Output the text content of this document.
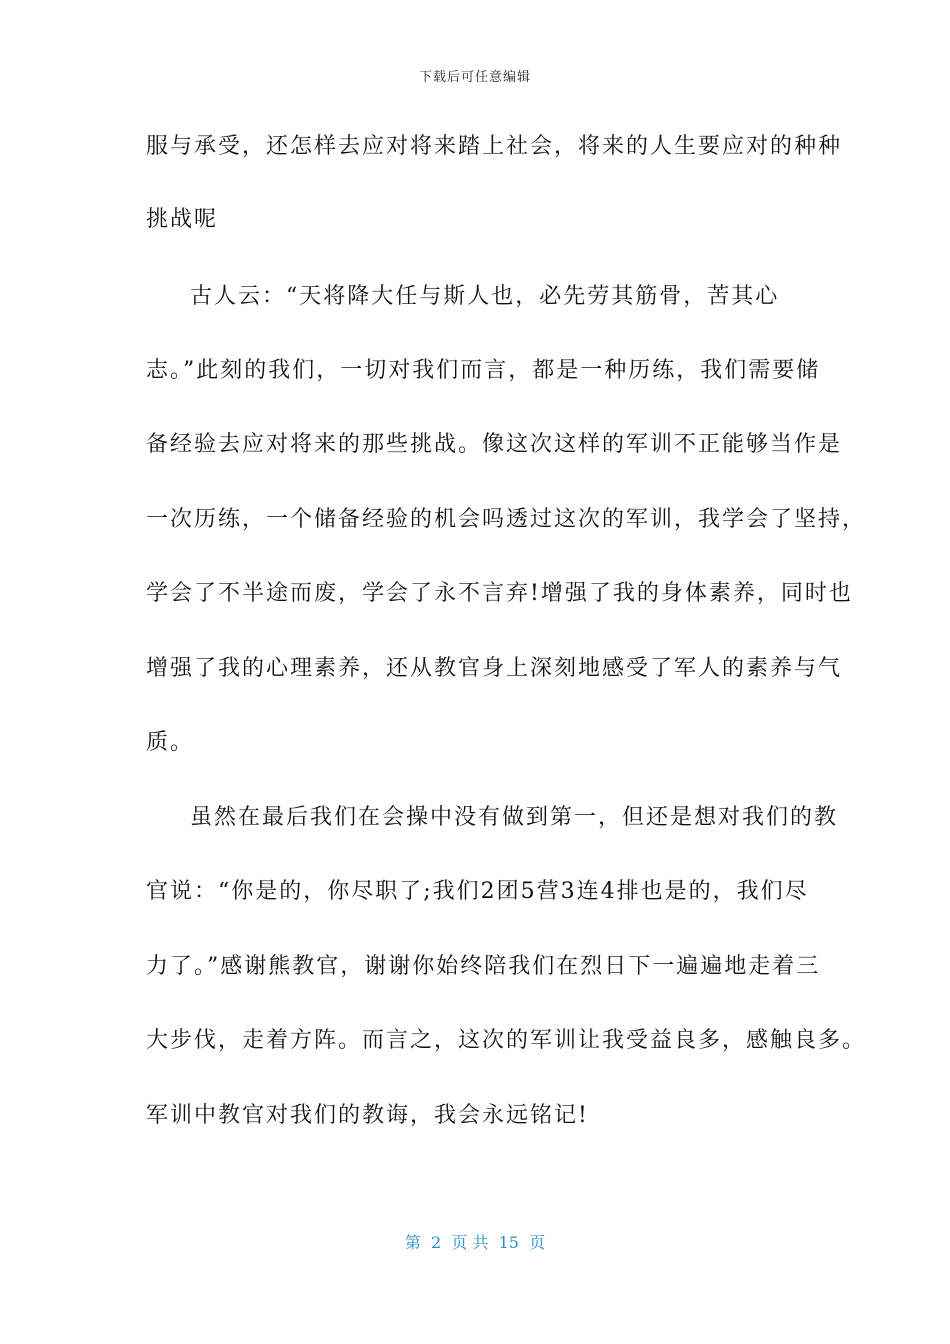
下载后可任意编辑
服与承受，还怎样去应对将来踏上社会，将来的人生要应对的种种
挑战呢
古人云：“天将降大任与斯人也，必先劳其筋骨，苦其心
志。”此刻的我们，一切对我们而言，都是一种历练，我们需要储
备经验去应对将来的那些挑战。像这次这样的军训不正能够当作是
一次历练，一个储备经验的机会吗透过这次的军训，我学会了坚持，
学会了不半途而废，学会了永不言弃!增强了我的身体素养，同时也
增强了我的心理素养，还从教官身上深刻地感受了军人的素养与气
质。
虽然在最后我们在会操中没有做到第一，但还是想对我们的教
官说：“你是的，你尽职了;我们2团5营3连4排也是的，我们尽
力了。”感谢熊教官，谢谢你始终陪我们在烈日下一遍遍地走着三
大步伐，走着方阵。而言之，这次的军训让我受益良多，感触良多。
军训中教官对我们的教诲，我会永远铭记!
第  2  页 共  15  页
